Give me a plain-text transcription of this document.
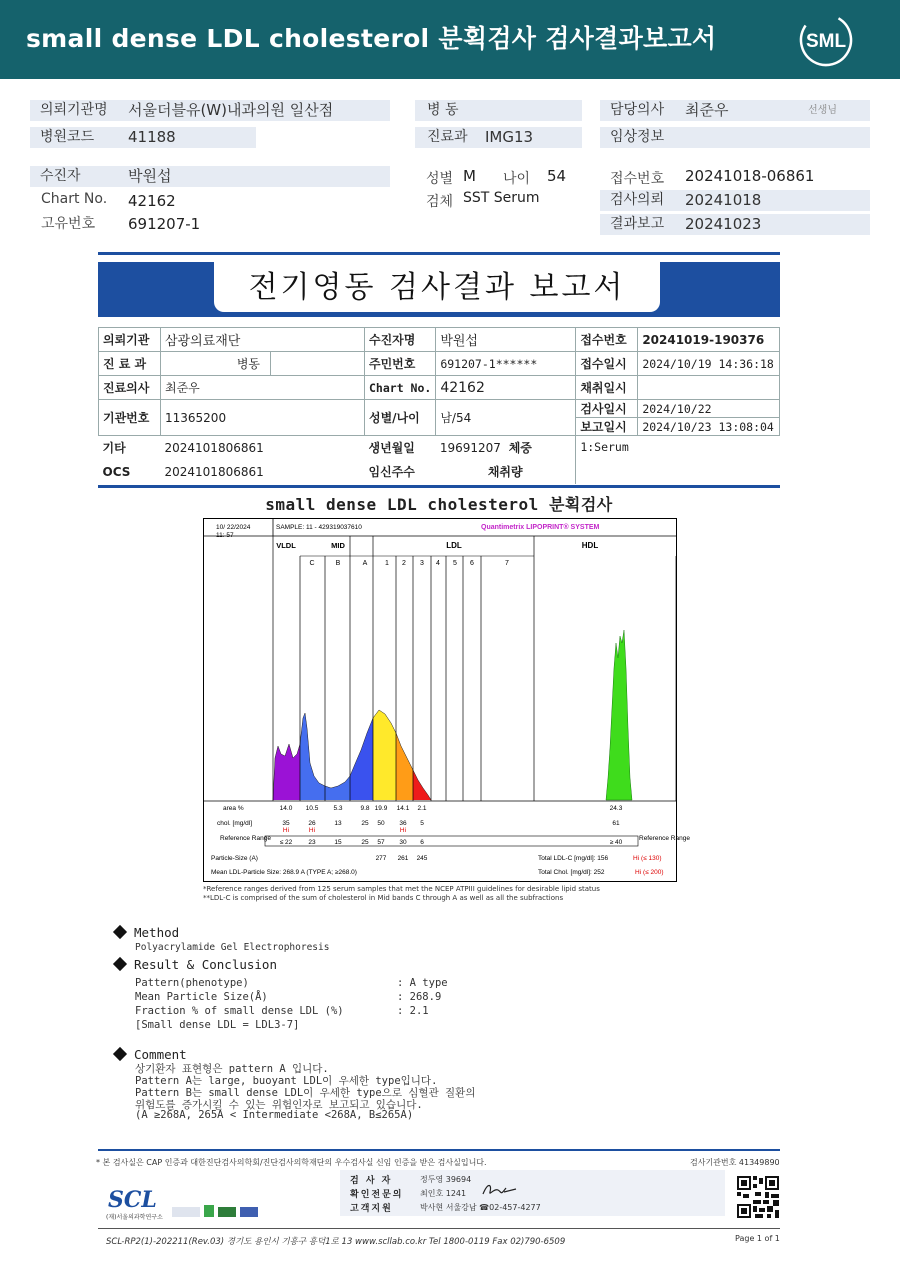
small dense LDL cholesterol 분획검사 검사결과보고서	SML
의뢰기관명 서울더블유(W)내과의원 일산점
병원코드 41188
병 동
진료과 IMG13
담당의사 최준우	선생님
임상정보
수진자	박원섭
Chart No. 42162
고유번호 691207-1
성별 M 나이 54
검체 SST Serum
접수번호 20241018-06861
검사의뢰 20241018
결과보고 20241023
전기영동 검사결과 보고서
의뢰기관	삼광의료재단		수진자명	박원섭	접수번호	20241019-190376
진 료 과	병동		주민번호	691207-1******	접수일시	2024/10/19 14:36:18
진료의사	최준우		Chart No.	42162	채취일시	
기관번호	11365200		성별/나이	남/54	검사일시	2024/10/22
					보고일시	2024/10/23 13:08:04
기타	2024101806861		생년월일	19691207 체중	1:Serum	
OCS	2024101806861		임신주수	채취량		
small dense LDL cholesterol 분획검사
10/ 22/2024
11: 57
SAMPLE: 11 - 429319037610	Quantimetrix LIPOPRINT® SYSTEM
VLDL	MID	LDL	HDL
C	B	A	1 2 3 4 5 6	7
area %	14.0 10.5 5.3	9.8 19.9 14.1 2.1	24.3
chol. [mg/dl]	35	26	13	25 50 36 5	61
Hi	Hi	Hi
Reference Range
≤ 22 23	15	25 57 30 6	≥ 40
Reference Range
Particle-Size (A)	277 261 245
Mean LDL-Particle Size: 268.9 A (TYPE A; ≥268.0)
Total LDL-C [mg/dl]: 156	Hi (≤ 130)
Total Chol. [mg/dl]: 252	Hi (≤ 200)
*Reference ranges derived from 125 serum samples that met the NCEP ATPIII guidelines for desirable lipid status
**LDL-C is comprised of the sum of cholesterol in Mid bands C through A as well as all the subfractions
Method
Polyacrylamide Gel Electrophoresis
Result & Conclusion
Pattern(phenotype)	: A type
Mean Particle Size(Å)	: 268.9
Fraction % of small dense LDL (%)	: 2.1
[Small dense LDL = LDL3-7]
Comment
상기환자 표현형은 pattern A 입니다.
Pattern A는 large, buoyant LDL이 우세한 type입니다.
Pattern B는 small dense LDL이 우세한 type으로 심혈관 질환의
위험도를 증가시킬 수 있는 위험인자로 보고되고 있습니다.
(A ≥268A, 265A < Intermediate <268A, B≤265A)
* 본 검사실은 CAP 인증과 대한진단검사의학회/진단검사의학재단의 우수검사실 신임 인증을 받은 검사실입니다.	검사기관번호 41349890
검 사 자	정두영 39694
확인전문의 최인호 1241
고객지원	박사현 서울강남 ☎02-457-4277
SCL
(재)서울의과학연구소
SCL-RP2(1)-202211(Rev.03) 경기도 용인시 기흥구 흥덕1로 13 www.scllab.co.kr Tel 1800-0119 Fax 02)790-6509	Page 1 of 1
